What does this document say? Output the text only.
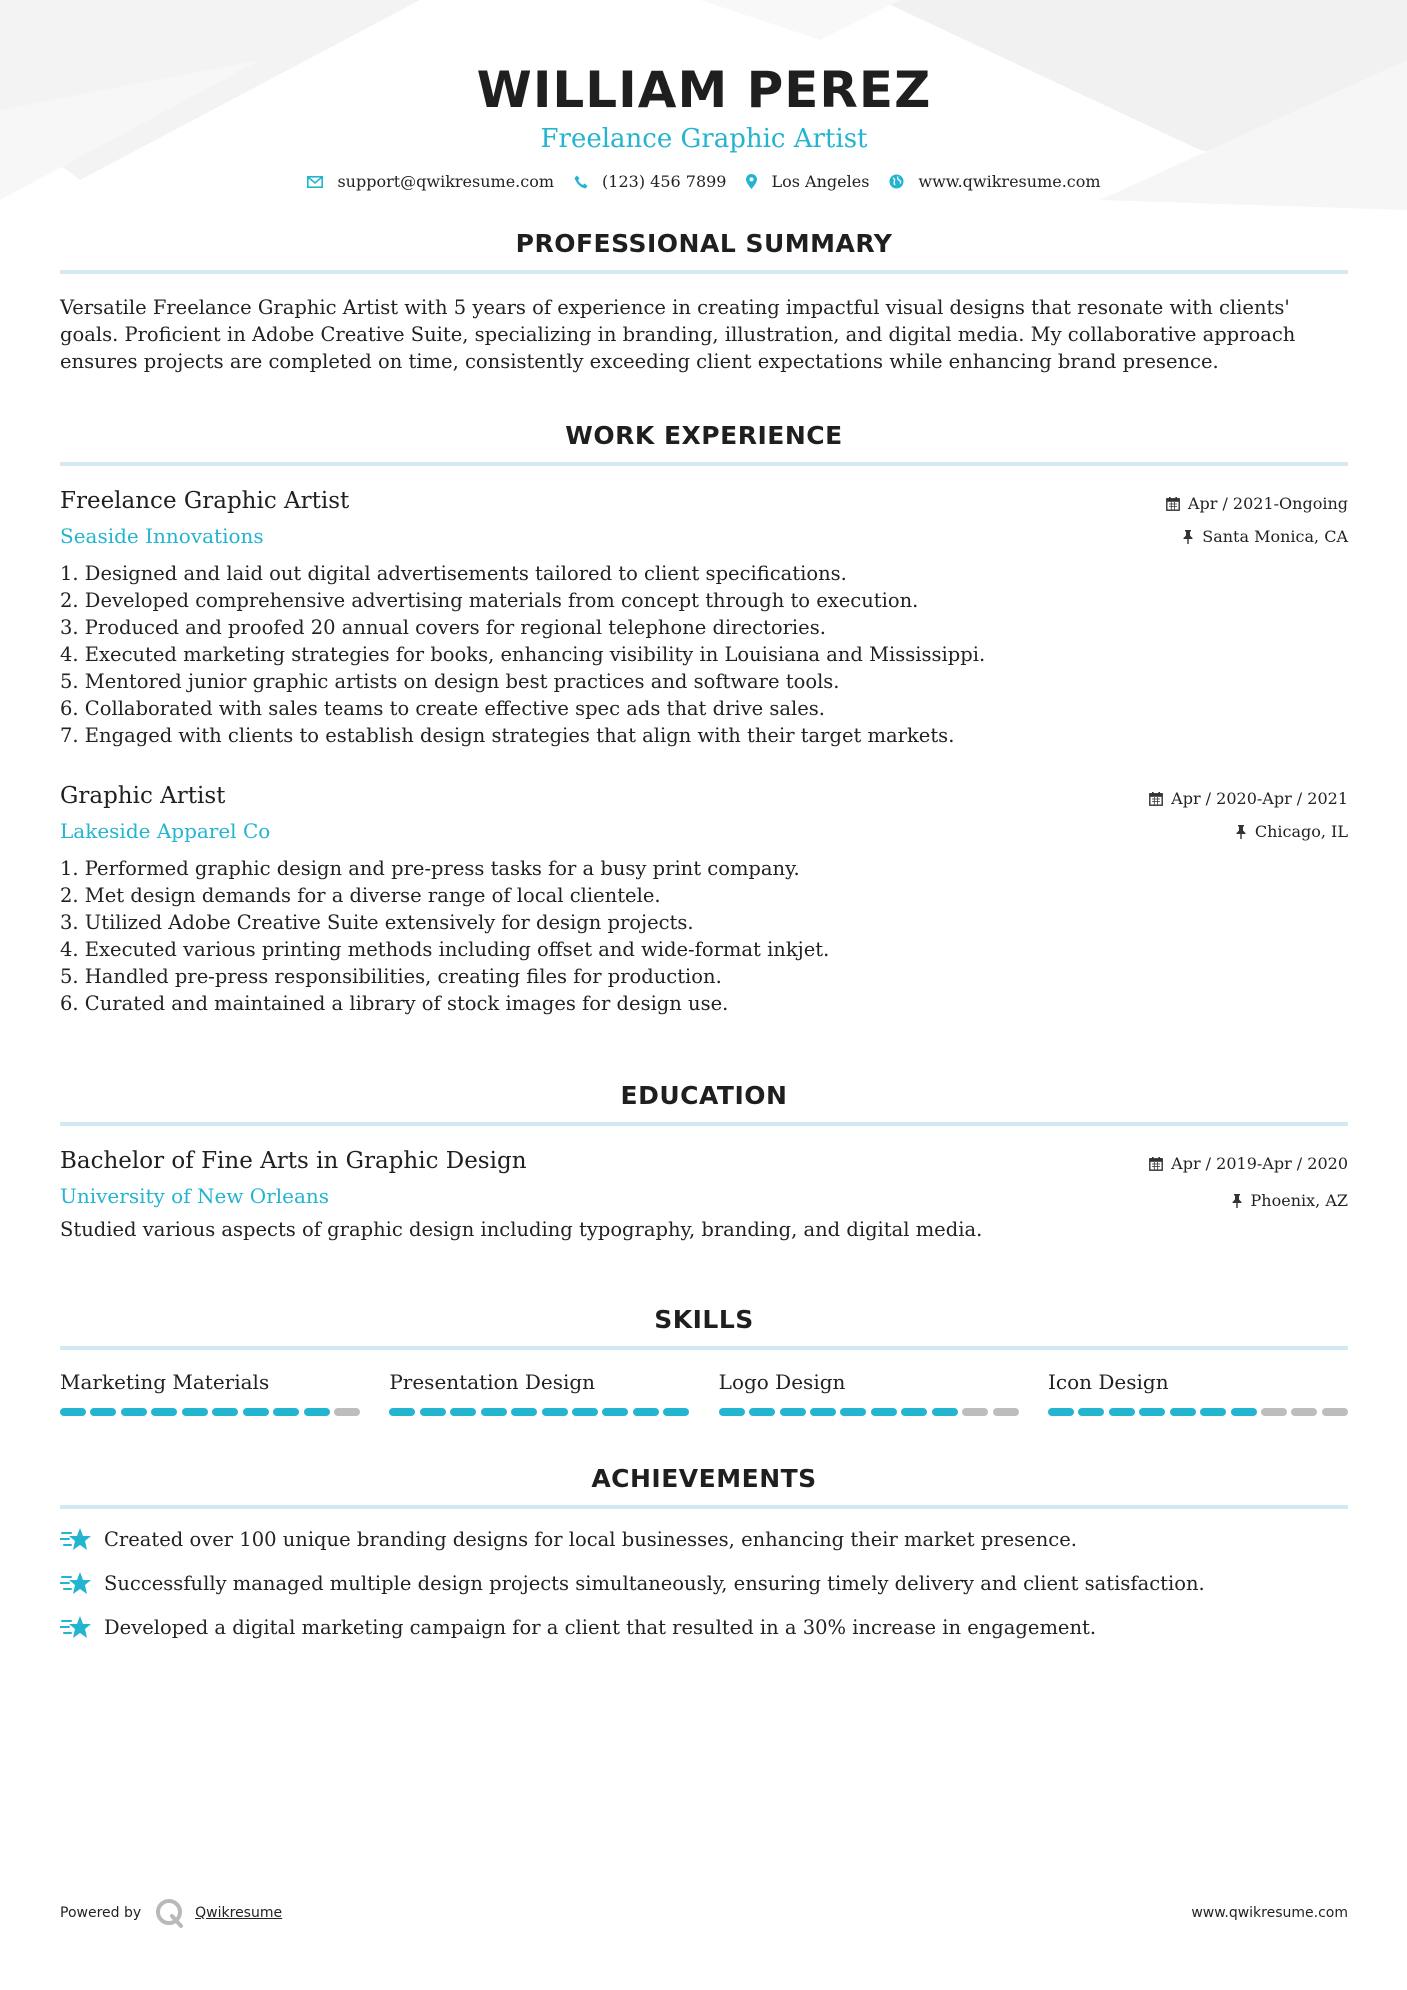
WILLIAM PEREZ
Freelance Graphic Artist
support@qwikresume.com	(123) 456 7899	Los Angeles	www.qwikresume.com
PROFESSIONAL SUMMARY
Versatile Freelance Graphic Artist with 5 years of experience in creating impactful visual designs that resonate with clients' goals. Proficient in Adobe Creative Suite, specializing in branding, illustration, and digital media. My collaborative approach ensures projects are completed on time, consistently exceeding client expectations while enhancing brand presence.
WORK EXPERIENCE
Freelance Graphic Artist
Seaside Innovations
Apr / 2021-Ongoing
Santa Monica, CA
1. Designed and laid out digital advertisements tailored to client specifications.
2. Developed comprehensive advertising materials from concept through to execution.
3. Produced and proofed 20 annual covers for regional telephone directories.
4. Executed marketing strategies for books, enhancing visibility in Louisiana and Mississippi.
5. Mentored junior graphic artists on design best practices and software tools.
6. Collaborated with sales teams to create effective spec ads that drive sales.
7. Engaged with clients to establish design strategies that align with their target markets.
Graphic Artist
Lakeside Apparel Co
Apr / 2020-Apr / 2021
Chicago, IL
1. Performed graphic design and pre-press tasks for a busy print company.
2. Met design demands for a diverse range of local clientele.
3. Utilized Adobe Creative Suite extensively for design projects.
4. Executed various printing methods including offset and wide-format inkjet.
5. Handled pre-press responsibilities, creating files for production.
6. Curated and maintained a library of stock images for design use.
EDUCATION
Bachelor of Fine Arts in Graphic Design
University of New Orleans
Apr / 2019-Apr / 2020
Phoenix, AZ
Studied various aspects of graphic design including typography, branding, and digital media.
SKILLS
Marketing Materials	Presentation Design	Logo Design	Icon Design
ACHIEVEMENTS
Created over 100 unique branding designs for local businesses, enhancing their market presence.
Successfully managed multiple design projects simultaneously, ensuring timely delivery and client satisfaction.
Developed a digital marketing campaign for a client that resulted in a 30% increase in engagement.
Powered by	Qwikresume	www.qwikresume.com
